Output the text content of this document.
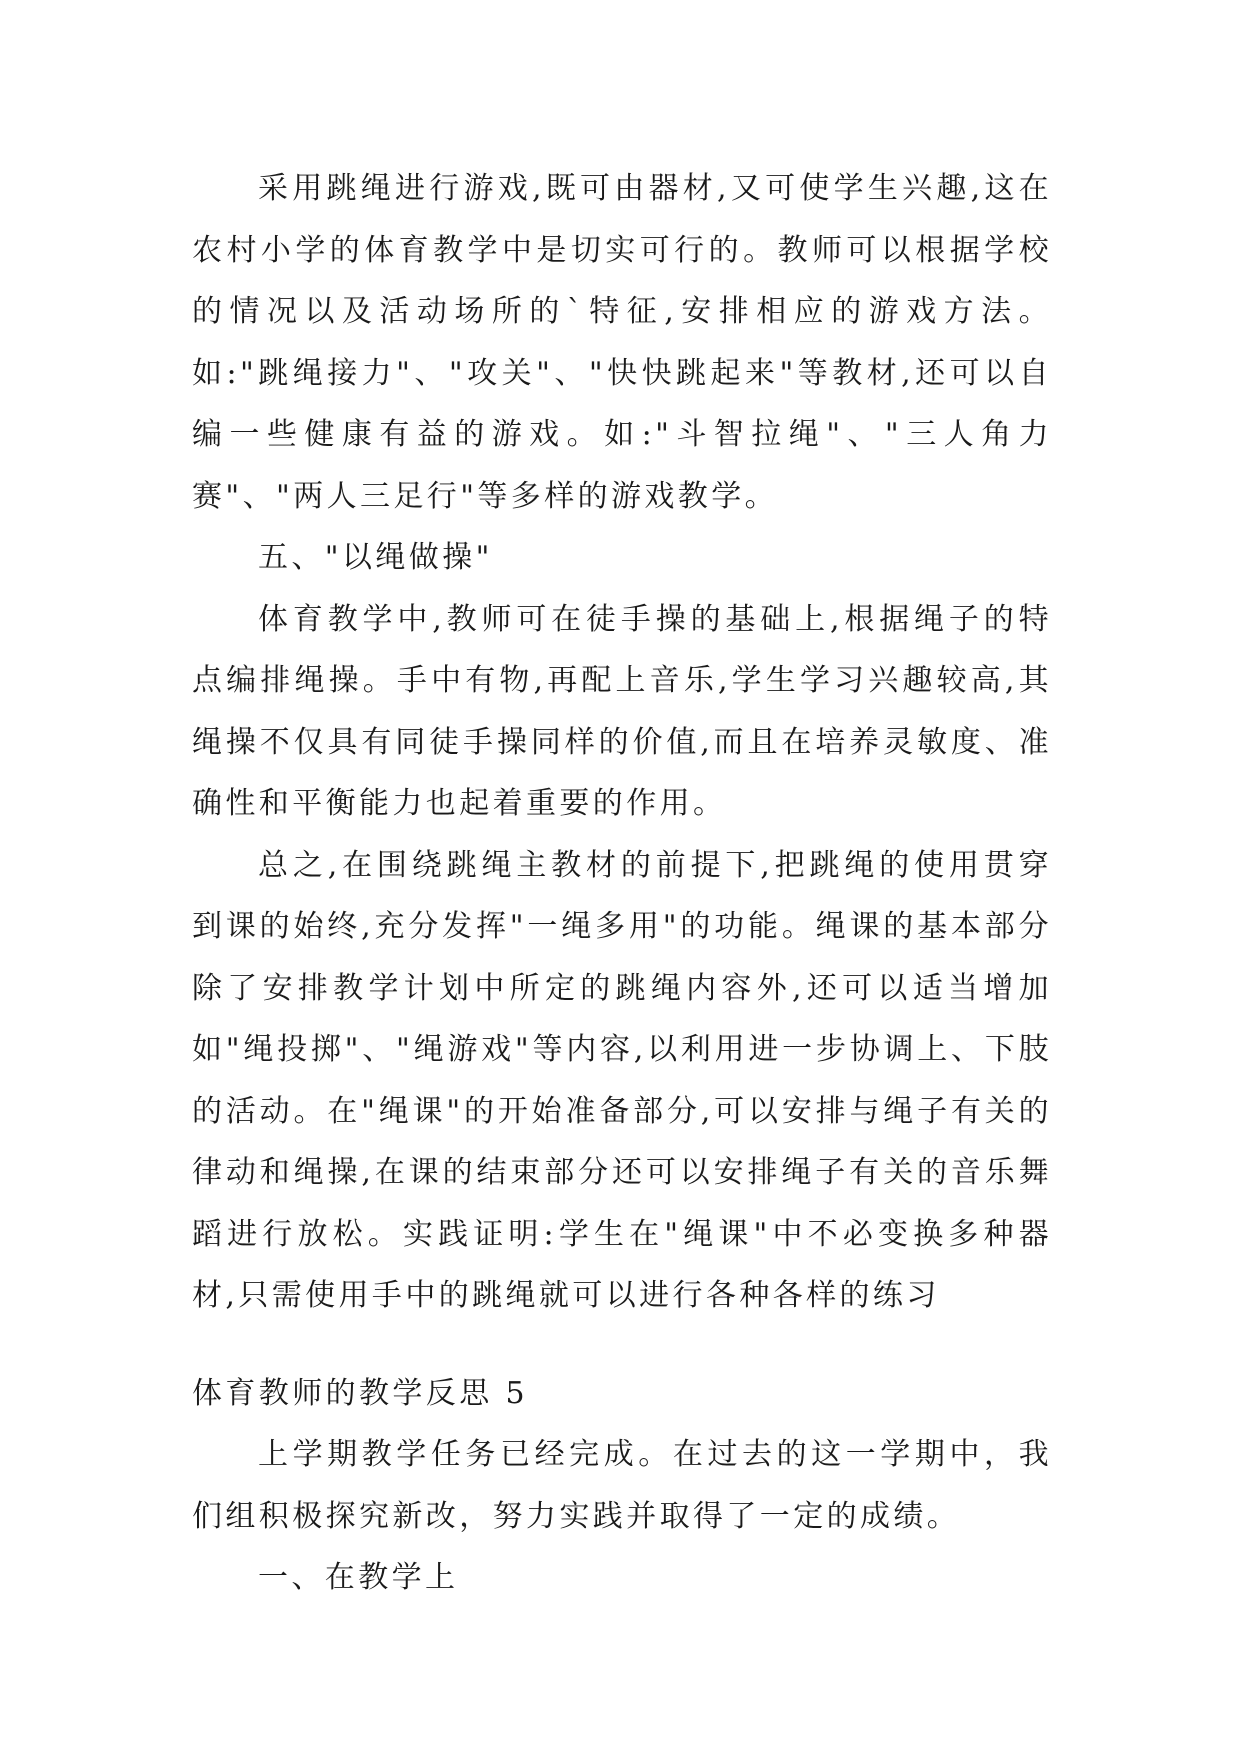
采用跳绳进行游戏,既可由器材,又可使学生兴趣,这在农村小学的体育教学中是切实可行的。教师可以根据学校的情况以及活动场所的`特征,安排相应的游戏方法。如:"跳绳接力"、"攻关"、"快快跳起来"等教材,还可以自编一些健康有益的游戏。如:"斗智拉绳"、"三人角力赛"、"两人三足行"等多样的游戏教学。

五、"以绳做操"

体育教学中,教师可在徒手操的基础上,根据绳子的特点编排绳操。手中有物,再配上音乐,学生学习兴趣较高,其绳操不仅具有同徒手操同样的价值,而且在培养灵敏度、准确性和平衡能力也起着重要的作用。

总之,在围绕跳绳主教材的前提下,把跳绳的使用贯穿到课的始终,充分发挥"一绳多用"的功能。绳课的基本部分除了安排教学计划中所定的跳绳内容外,还可以适当增加如"绳投掷"、"绳游戏"等内容,以利用进一步协调上、下肢的活动。在"绳课"的开始准备部分,可以安排与绳子有关的律动和绳操,在课的结束部分还可以安排绳子有关的音乐舞蹈进行放松。实践证明:学生在"绳课"中不必变换多种器材,只需使用手中的跳绳就可以进行各种各样的练习

体育教师的教学反思 5

上学期教学任务已经完成。在过去的这一学期中，我们组积极探究新改，努力实践并取得了一定的成绩。

一、在教学上
